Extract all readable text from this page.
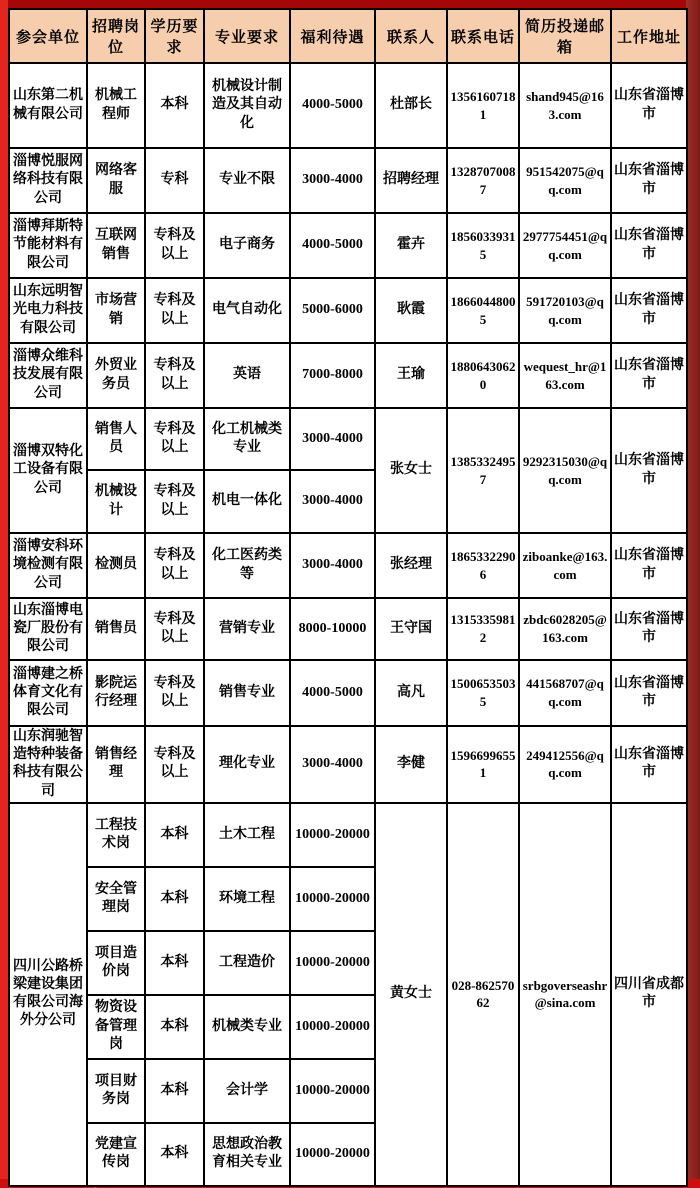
参会单位	招聘岗位	学历要求	专业要求	福利待遇	联系人	联系电话	简历投递邮箱	工作地址
山东第二机械有限公司	机械工程师	本科	机械设计制造及其自动化	4000-5000	杜部长	13561607181	shand945@163.com	山东省淄博市
淄博悦服网络科技有限公司	网络客服	专科	专业不限	3000-4000	招聘经理	13287070087	951542075@qq.com	山东省淄博市
淄博拜斯特节能材料有限公司	互联网销售	专科及以上	电子商务	4000-5000	霍卉	18560339315	2977754451@qq.com	山东省淄博市
山东远明智光电力科技有限公司	市场营销	专科及以上	电气自动化	5000-6000	耿霞	18660448005	591720103@qq.com	山东省淄博市
淄博众维科技发展有限公司	外贸业务员	专科及以上	英语	7000-8000	王瑜	18806430620	wequest_hr@163.com	山东省淄博市
淄博双特化工设备有限公司	销售人员	专科及以上	化工机械类专业	3000-4000	张女士	13853324957	9292315030@qq.com	山东省淄博市
	机械设计	专科及以上	机电一体化	3000-4000				
淄博安科环境检测有限公司	检测员	专科及以上	化工医药类等	3000-4000	张经理	18653322906	ziboanke@163.com	山东省淄博市
山东淄博电瓷厂股份有限公司	销售员	专科及以上	营销专业	8000-10000	王守国	13153359812	zbdc6028205@163.com	山东省淄博市
淄博建之桥体育文化有限公司	影院运行经理	专科及以上	销售专业	4000-5000	高凡	15006535035	441568707@qq.com	山东省淄博市
山东润驰智造特种装备科技有限公司	销售经理	专科及以上	理化专业	3000-4000	李健	15966996551	249412556@qq.com	山东省淄博市
四川公路桥梁建设集团有限公司海外分公司	工程技术岗	本科	土木工程	10000-20000	黄女士	028-86257062	srbgoverseashr@sina.com	四川省成都市
	安全管理岗	本科	环境工程	10000-20000				
	项目造价岗	本科	工程造价	10000-20000				
	物资设备管理岗	本科	机械类专业	10000-20000				
	项目财务岗	本科	会计学	10000-20000				
	党建宣传岗	本科	思想政治教育相关专业	10000-20000				
